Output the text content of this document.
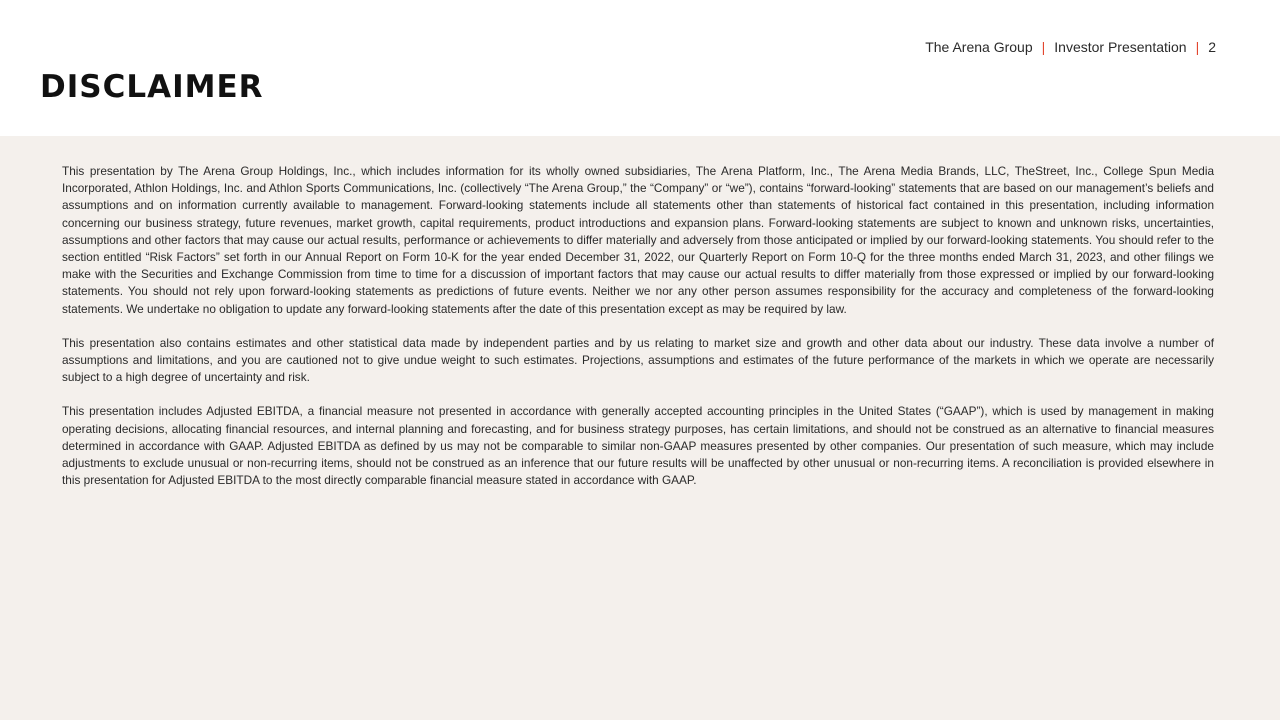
The Arena Group | Investor Presentation | 2
DISCLAIMER

This presentation by The Arena Group Holdings, Inc., which includes information for its wholly owned subsidiaries, The Arena Platform, Inc., The Arena Media Brands, LLC, TheStreet, Inc., College Spun Media Incorporated, Athlon Holdings, Inc. and Athlon Sports Communications, Inc. (collectively “The Arena Group,” the “Company” or “we”), contains “forward-looking” statements that are based on our management’s beliefs and assumptions and on information currently available to management. Forward-looking statements include all statements other than statements of historical fact contained in this presentation, including information concerning our business strategy, future revenues, market growth, capital requirements, product introductions and expansion plans. Forward-looking statements are subject to known and unknown risks, uncertainties, assumptions and other factors that may cause our actual results, performance or achievements to differ materially and adversely from those anticipated or implied by our forward-looking statements. You should refer to the section entitled “Risk Factors” set forth in our Annual Report on Form 10-K for the year ended December 31, 2022, our Quarterly Report on Form 10-Q for the three months ended March 31, 2023, and other filings we make with the Securities and Exchange Commission from time to time for a discussion of important factors that may cause our actual results to differ materially from those expressed or implied by our forward-looking statements. You should not rely upon forward-looking statements as predictions of future events. Neither we nor any other person assumes responsibility for the accuracy and completeness of the forward-looking statements. We undertake no obligation to update any forward-looking statements after the date of this presentation except as may be required by law.

This presentation also contains estimates and other statistical data made by independent parties and by us relating to market size and growth and other data about our industry. These data involve a number of assumptions and limitations, and you are cautioned not to give undue weight to such estimates. Projections, assumptions and estimates of the future performance of the markets in which we operate are necessarily subject to a high degree of uncertainty and risk.

This presentation includes Adjusted EBITDA, a financial measure not presented in accordance with generally accepted accounting principles in the United States (“GAAP”), which is used by management in making operating decisions, allocating financial resources, and internal planning and forecasting, and for business strategy purposes, has certain limitations, and should not be construed as an alternative to financial measures determined in accordance with GAAP. Adjusted EBITDA as defined by us may not be comparable to similar non-GAAP measures presented by other companies. Our presentation of such measure, which may include adjustments to exclude unusual or non-recurring items, should not be construed as an inference that our future results will be unaffected by other unusual or non-recurring items. A reconciliation is provided elsewhere in this presentation for Adjusted EBITDA to the most directly comparable financial measure stated in accordance with GAAP.
